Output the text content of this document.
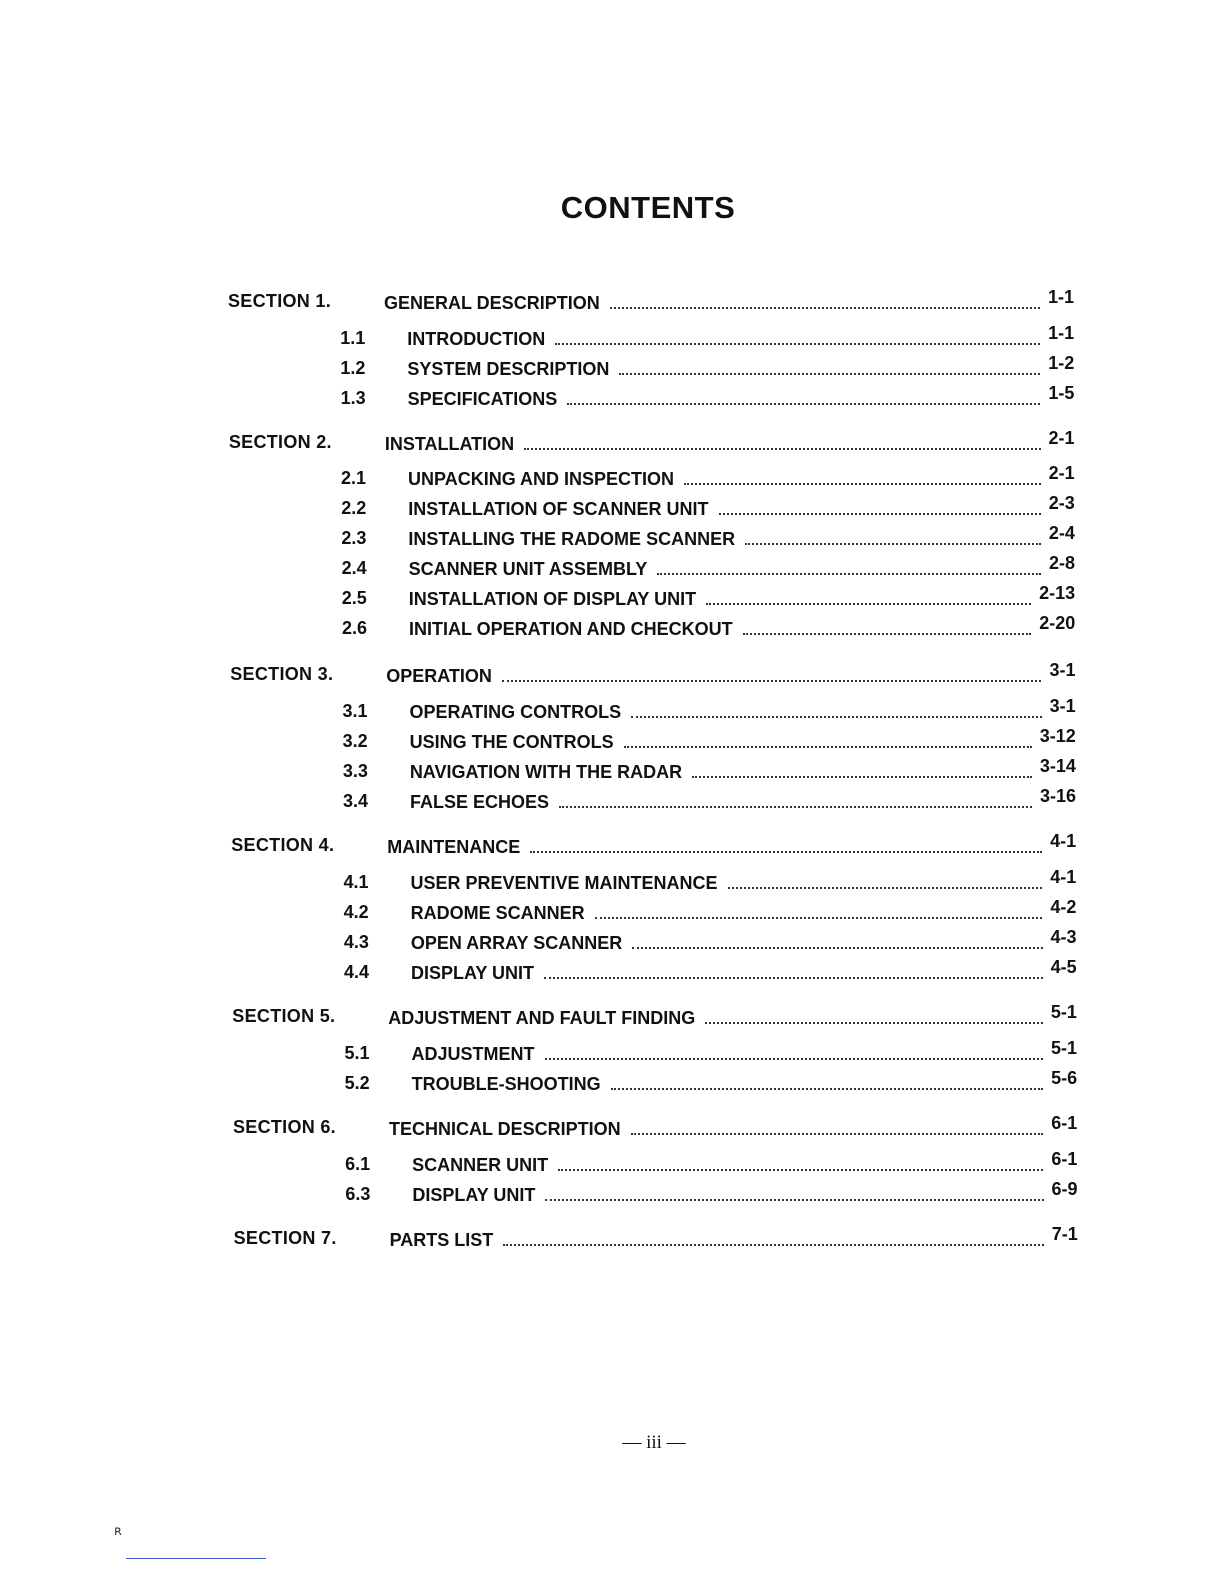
CONTENTS
SECTION 1.	GENERAL DESCRIPTION	1-1
1.1 INTRODUCTION	1-1
1.2 SYSTEM DESCRIPTION	1-2
1.3 SPECIFICATIONS	1-5
SECTION 2.	INSTALLATION	2-1
2.1 UNPACKING AND INSPECTION	2-1
2.2 INSTALLATION OF SCANNER UNIT	2-3
2.3 INSTALLING THE RADOME SCANNER	2-4
2.4 SCANNER UNIT ASSEMBLY	2-8
2.5 INSTALLATION OF DISPLAY UNIT	2-13
2.6 INITIAL OPERATION AND CHECKOUT	2-20
SECTION 3.	OPERATION	3-1
3.1 OPERATING CONTROLS	3-1
3.2 USING THE CONTROLS	3-12
3.3 NAVIGATION WITH THE RADAR	3-14
3.4 FALSE ECHOES	3-16
SECTION 4.	MAINTENANCE	4-1
4.1 USER PREVENTIVE MAINTENANCE	4-1
4.2 RADOME SCANNER	4-2
4.3 OPEN ARRAY SCANNER	4-3
4.4 DISPLAY UNIT	4-5
SECTION 5.	ADJUSTMENT AND FAULT FINDING	5-1
5.1 ADJUSTMENT	5-1
5.2 TROUBLE-SHOOTING	5-6
SECTION 6.	TECHNICAL DESCRIPTION	6-1
6.1 SCANNER UNIT	6-1
6.3 DISPLAY UNIT	6-9
SECTION 7.	PARTS LIST	7-1
— iii —
ʀ
